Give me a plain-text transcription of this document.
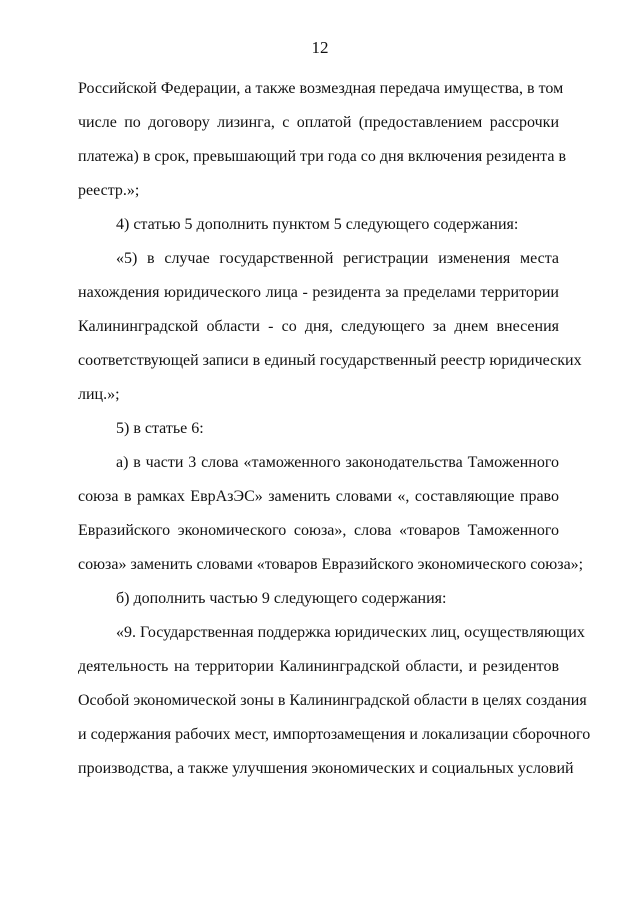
12

Российской Федерации, а также возмездная передача имущества, в том
числе по договору лизинга, с оплатой (предоставлением рассрочки
платежа) в срок, превышающий три года со дня включения резидента в
реестр.»;

4) статью 5 дополнить пунктом 5 следующего содержания:

«5) в случае государственной регистрации изменения места
нахождения юридического лица - резидента за пределами территории
Калининградской области - со дня, следующего за днем внесения
соответствующей записи в единый государственный реестр юридических
лиц.»;

5) в статье 6:

а) в части 3 слова «таможенного законодательства Таможенного
союза в рамках ЕврАзЭС» заменить словами «, составляющие право
Евразийского экономического союза», слова «товаров Таможенного
союза» заменить словами «товаров Евразийского экономического союза»;

б) дополнить частью 9 следующего содержания:

«9. Государственная поддержка юридических лиц, осуществляющих
деятельность на территории Калининградской области, и резидентов
Особой экономической зоны в Калининградской области в целях создания
и содержания рабочих мест, импортозамещения и локализации сборочного
производства, а также улучшения экономических и социальных условий
